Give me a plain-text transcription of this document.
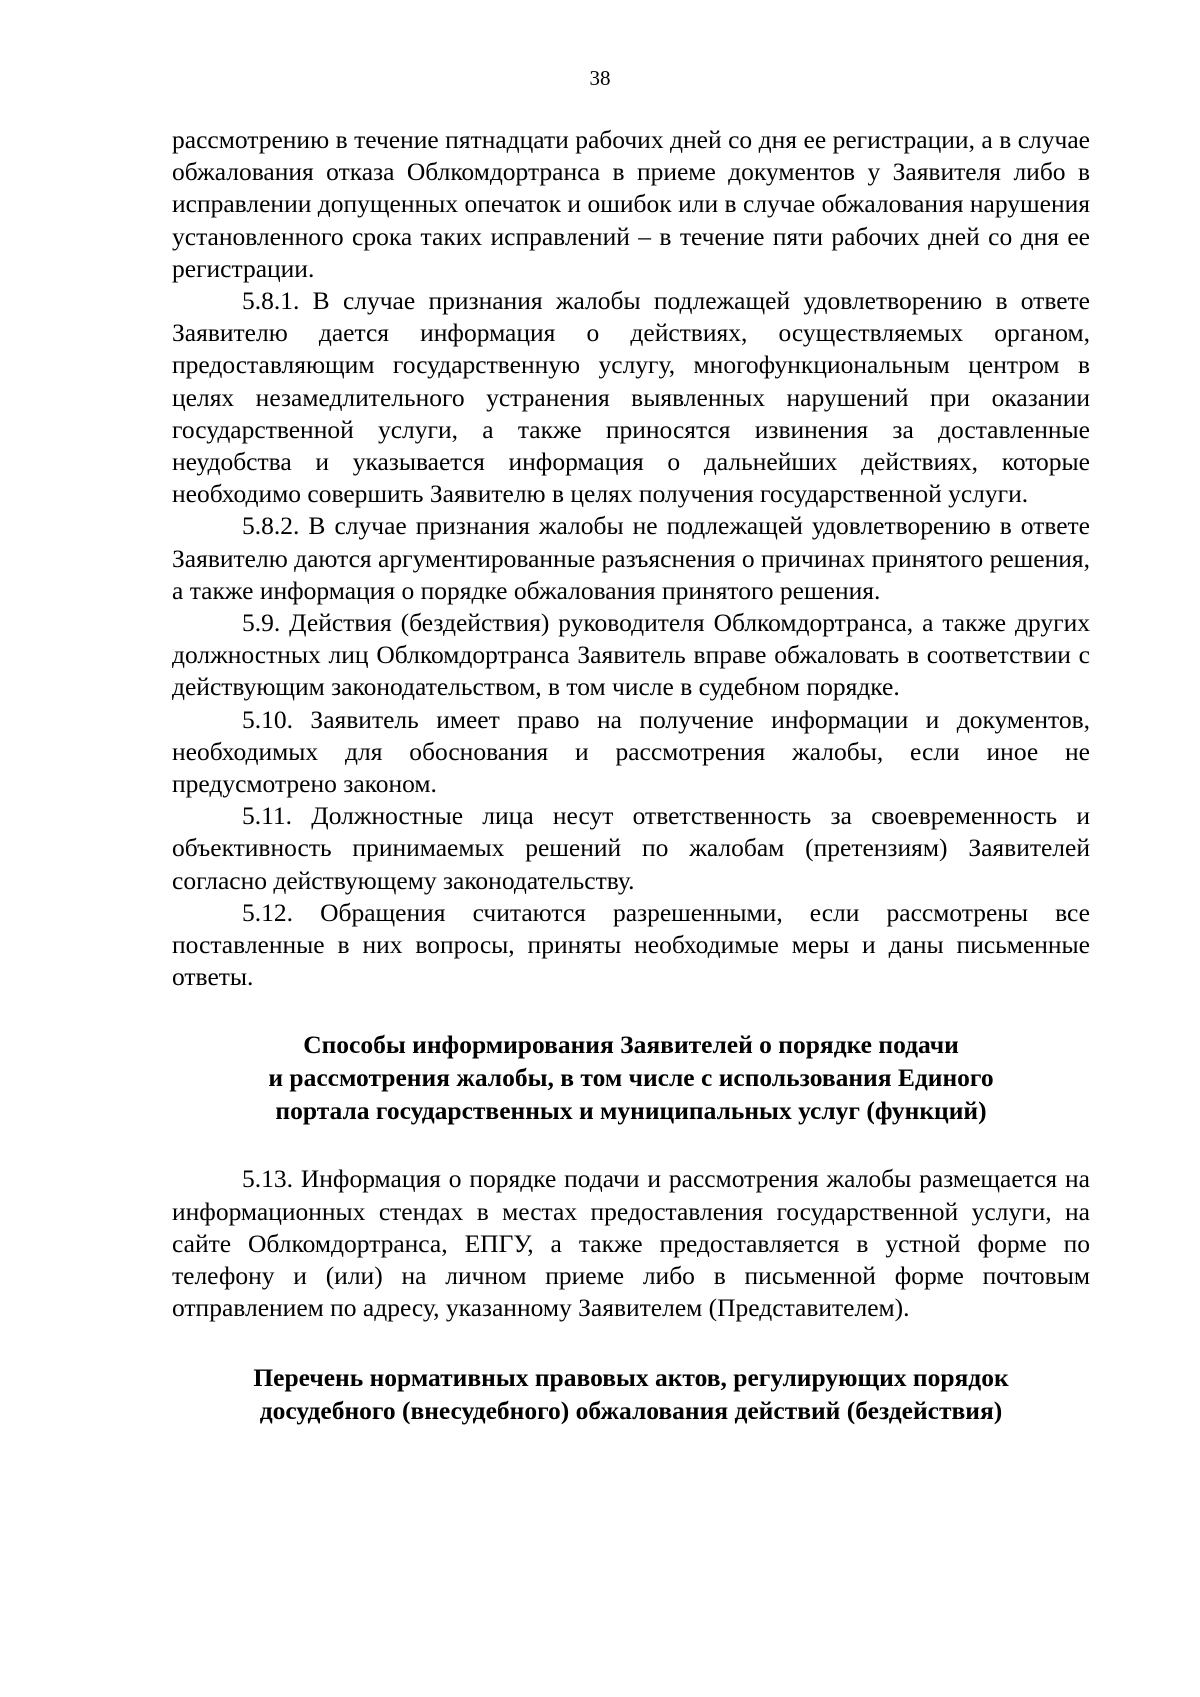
38

рассмотрению в течение пятнадцати рабочих дней со дня ее регистрации, а в случае обжалования отказа Облкомдортранса в приеме документов у Заявителя либо в исправлении допущенных опечаток и ошибок или в случае обжалования нарушения установленного срока таких исправлений – в течение пяти рабочих дней со дня ее регистрации.

5.8.1. В случае признания жалобы подлежащей удовлетворению в ответе Заявителю дается информация о действиях, осуществляемых органом, предоставляющим государственную услугу, многофункциональным центром в целях незамедлительного устранения выявленных нарушений при оказании государственной услуги, а также приносятся извинения за доставленные неудобства и указывается информация о дальнейших действиях, которые необходимо совершить Заявителю в целях получения государственной услуги.

5.8.2. В случае признания жалобы не подлежащей удовлетворению в ответе Заявителю даются аргументированные разъяснения о причинах принятого решения, а также информация о порядке обжалования принятого решения.

5.9. Действия (бездействия) руководителя Облкомдортранса, а также других должностных лиц Облкомдортранса Заявитель вправе обжаловать в соответствии с действующим законодательством, в том числе в судебном порядке.

5.10. Заявитель имеет право на получение информации и документов, необходимых для обоснования и рассмотрения жалобы, если иное не предусмотрено законом.

5.11. Должностные лица несут ответственность за своевременность и объективность принимаемых решений по жалобам (претензиям) Заявителей согласно действующему законодательству.

5.12. Обращения считаются разрешенными, если рассмотрены все поставленные в них вопросы, приняты необходимые меры и даны письменные ответы.

Способы информирования Заявителей о порядке подачи
и рассмотрения жалобы, в том числе с использования Единого
портала государственных и муниципальных услуг (функций)

5.13. Информация о порядке подачи и рассмотрения жалобы размещается на информационных стендах в местах предоставления государственной услуги, на сайте Облкомдортранса, ЕПГУ, а также предоставляется в устной форме по телефону и (или) на личном приеме либо в письменной форме почтовым отправлением по адресу, указанному Заявителем (Представителем).

Перечень нормативных правовых актов, регулирующих порядок
досудебного (внесудебного) обжалования действий (бездействия)
